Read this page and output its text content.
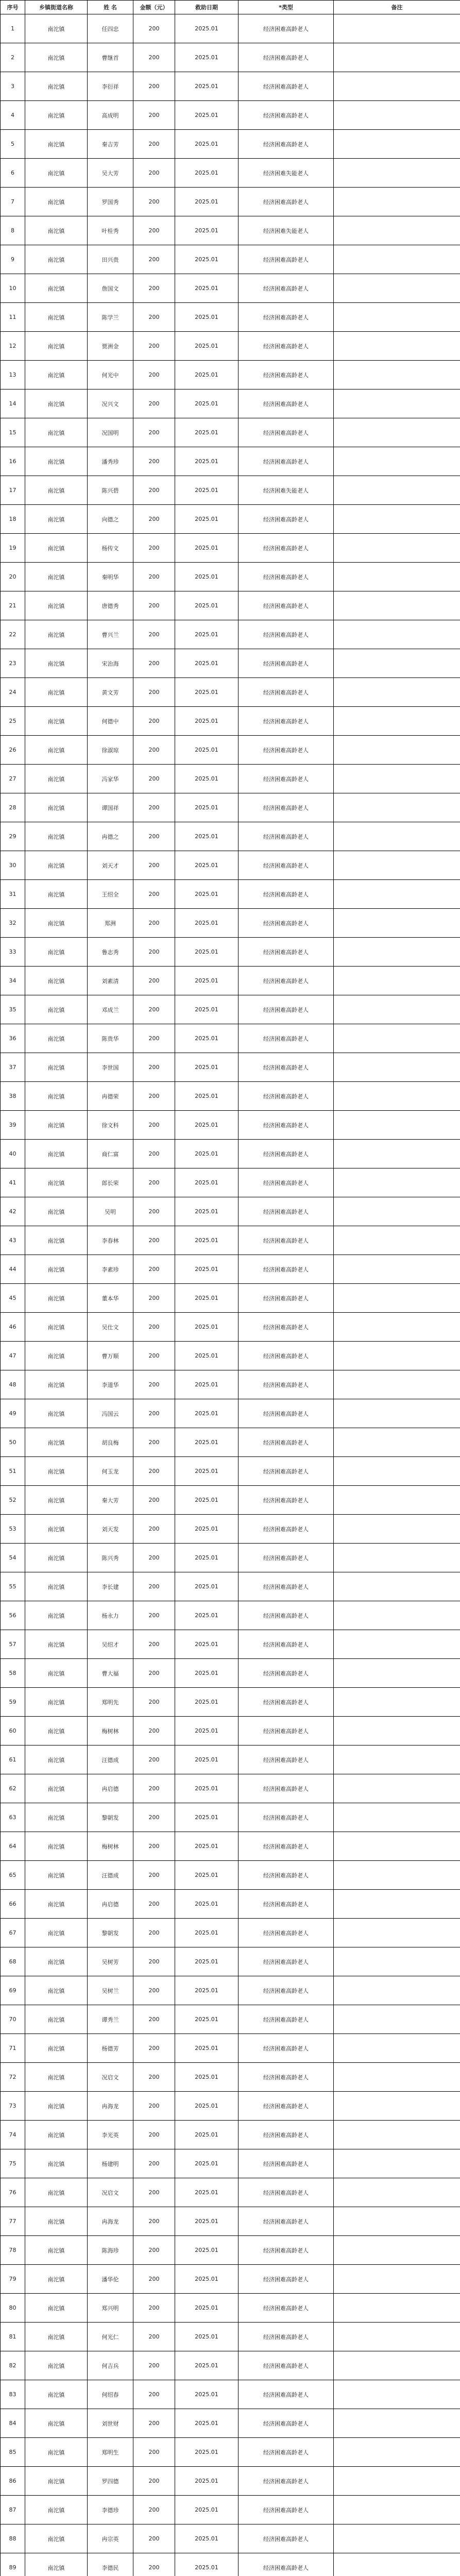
序号	乡镇街道名称	姓 名	金额（元）	救助日期	*类型	备注
1	南沱镇	任四忠	200	2025.01	经济困难高龄老人	
2	南沱镇	曹继首	200	2025.01	经济困难高龄老人	
3	南沱镇	李衍祥	200	2025.01	经济困难高龄老人	
4	南沱镇	高成明	200	2025.01	经济困难高龄老人	
5	南沱镇	秦吉芳	200	2025.01	经济困难高龄老人	
6	南沱镇	吴大芳	200	2025.01	经济困难失能老人	
7	南沱镇	罗国秀	200	2025.01	经济困难高龄老人	
8	南沱镇	叶桂秀	200	2025.01	经济困难失能老人	
9	南沱镇	田兴贵	200	2025.01	经济困难高龄老人	
10	南沱镇	詹国文	200	2025.01	经济困难高龄老人	
11	南沱镇	陈学兰	200	2025.01	经济困难高龄老人	
12	南沱镇	贾洲金	200	2025.01	经济困难高龄老人	
13	南沱镇	何光中	200	2025.01	经济困难高龄老人	
14	南沱镇	况兴文	200	2025.01	经济困难高龄老人	
15	南沱镇	况国明	200	2025.01	经济困难高龄老人	
16	南沱镇	潘秀珍	200	2025.01	经济困难高龄老人	
17	南沱镇	陈兴碧	200	2025.01	经济困难失能老人	
18	南沱镇	向德之	200	2025.01	经济困难高龄老人	
19	南沱镇	杨传文	200	2025.01	经济困难高龄老人	
20	南沱镇	秦明华	200	2025.01	经济困难高龄老人	
21	南沱镇	唐德秀	200	2025.01	经济困难高龄老人	
22	南沱镇	曹兴兰	200	2025.01	经济困难高龄老人	
23	南沱镇	宋治海	200	2025.01	经济困难高龄老人	
24	南沱镇	黄文芳	200	2025.01	经济困难高龄老人	
25	南沱镇	何德中	200	2025.01	经济困难高龄老人	
26	南沱镇	徐淑琼	200	2025.01	经济困难高龄老人	
27	南沱镇	冯家华	200	2025.01	经济困难高龄老人	
28	南沱镇	谭国祥	200	2025.01	经济困难高龄老人	
29	南沱镇	冉德之	200	2025.01	经济困难高龄老人	
30	南沱镇	刘天才	200	2025.01	经济困难高龄老人	
31	南沱镇	王绍全	200	2025.01	经济困难高龄老人	
32	南沱镇	郑洲	200	2025.01	经济困难高龄老人	
33	南沱镇	鲁志秀	200	2025.01	经济困难高龄老人	
34	南沱镇	刘素清	200	2025.01	经济困难高龄老人	
35	南沱镇	邓成兰	200	2025.01	经济困难高龄老人	
36	南沱镇	陈贵华	200	2025.01	经济困难高龄老人	
37	南沱镇	李世国	200	2025.01	经济困难高龄老人	
38	南沱镇	冉德荣	200	2025.01	经济困难高龄老人	
39	南沱镇	徐文科	200	2025.01	经济困难高龄老人	
40	南沱镇	商仁富	200	2025.01	经济困难高龄老人	
41	南沱镇	郎长荣	200	2025.01	经济困难高龄老人	
42	南沱镇	吴明	200	2025.01	经济困难高龄老人	
43	南沱镇	李春林	200	2025.01	经济困难高龄老人	
44	南沱镇	李素珍	200	2025.01	经济困难高龄老人	
45	南沱镇	董本华	200	2025.01	经济困难高龄老人	
46	南沱镇	吴仕文	200	2025.01	经济困难高龄老人	
47	南沱镇	曹万顺	200	2025.01	经济困难高龄老人	
48	南沱镇	李道华	200	2025.01	经济困难高龄老人	
49	南沱镇	冯国云	200	2025.01	经济困难高龄老人	
50	南沱镇	胡良梅	200	2025.01	经济困难高龄老人	
51	南沱镇	何玉龙	200	2025.01	经济困难高龄老人	
52	南沱镇	秦大芳	200	2025.01	经济困难高龄老人	
53	南沱镇	刘天发	200	2025.01	经济困难高龄老人	
54	南沱镇	陈兴秀	200	2025.01	经济困难高龄老人	
55	南沱镇	李长建	200	2025.01	经济困难高龄老人	
56	南沱镇	杨永力	200	2025.01	经济困难高龄老人	
57	南沱镇	吴绍才	200	2025.01	经济困难高龄老人	
58	南沱镇	曹大福	200	2025.01	经济困难高龄老人	
59	南沱镇	郑明先	200	2025.01	经济困难高龄老人	
60	南沱镇	梅树林	200	2025.01	经济困难高龄老人	
61	南沱镇	汪德成	200	2025.01	经济困难高龄老人	
62	南沱镇	冉启德	200	2025.01	经济困难高龄老人	
63	南沱镇	黎朝发	200	2025.01	经济困难高龄老人	
64	南沱镇	梅树林	200	2025.01	经济困难高龄老人	
65	南沱镇	汪德成	200	2025.01	经济困难高龄老人	
66	南沱镇	冉启德	200	2025.01	经济困难高龄老人	
67	南沱镇	黎朝发	200	2025.01	经济困难高龄老人	
68	南沱镇	吴树芳	200	2025.01	经济困难高龄老人	
69	南沱镇	吴树兰	200	2025.01	经济困难高龄老人	
70	南沱镇	谭秀兰	200	2025.01	经济困难高龄老人	
71	南沱镇	杨德芳	200	2025.01	经济困难高龄老人	
72	南沱镇	况启文	200	2025.01	经济困难高龄老人	
73	南沱镇	冉海龙	200	2025.01	经济困难高龄老人	
74	南沱镇	李光英	200	2025.01	经济困难高龄老人	
75	南沱镇	杨建明	200	2025.01	经济困难高龄老人	
76	南沱镇	况启文	200	2025.01	经济困难高龄老人	
77	南沱镇	冉海龙	200	2025.01	经济困难高龄老人	
78	南沱镇	陈海珍	200	2025.01	经济困难高龄老人	
79	南沱镇	潘华伦	200	2025.01	经济困难高龄老人	
80	南沱镇	郑兴明	200	2025.01	经济困难高龄老人	
81	南沱镇	何光仁	200	2025.01	经济困难高龄老人	
82	南沱镇	何吉兵	200	2025.01	经济困难高龄老人	
83	南沱镇	何绍春	200	2025.01	经济困难高龄老人	
84	南沱镇	刘世财	200	2025.01	经济困难高龄老人	
85	南沱镇	郑明生	200	2025.01	经济困难高龄老人	
86	南沱镇	罗四德	200	2025.01	经济困难高龄老人	
87	南沱镇	李德珍	200	2025.01	经济困难高龄老人	
88	南沱镇	冉宗英	200	2025.01	经济困难高龄老人	
89	南沱镇	李德民	200	2025.01	经济困难高龄老人	
